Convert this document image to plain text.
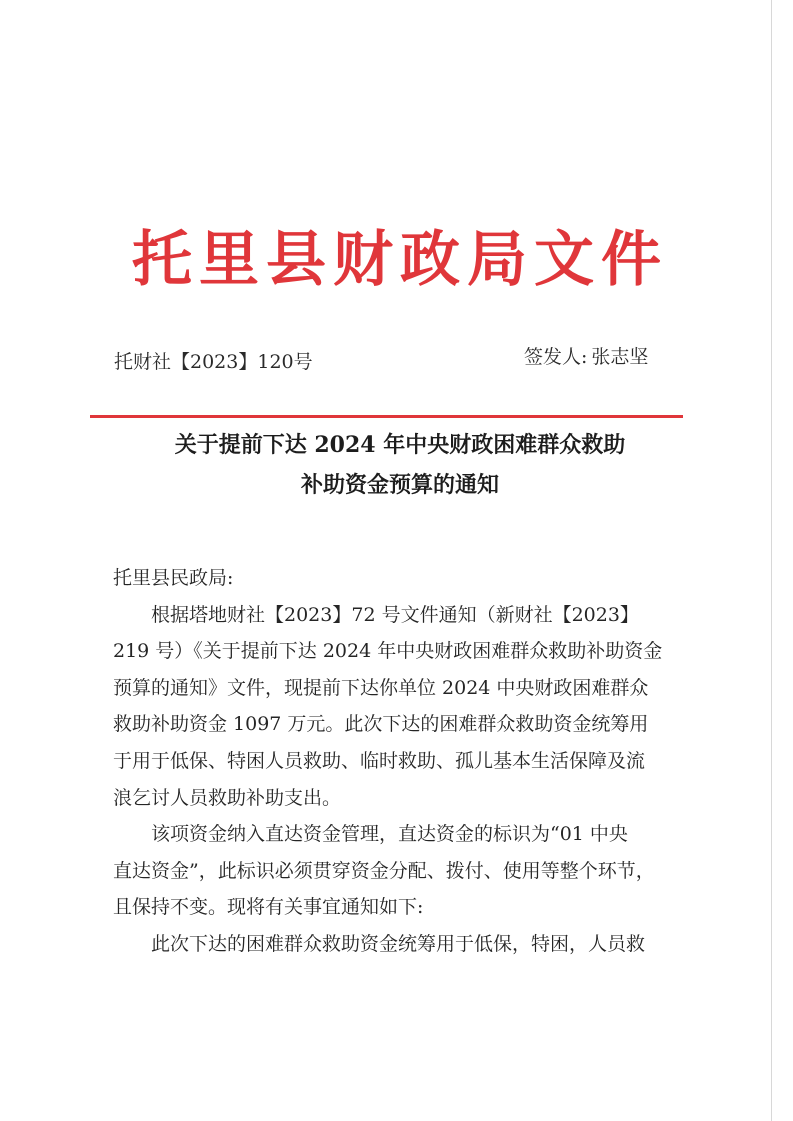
托里县财政局文件
托财社【2023】120号	签发人: 张志坚
关于提前下达 2024 年中央财政困难群众救助
补助资金预算的通知
托里县民政局:
根据塔地财社【2023】72 号文件通知（新财社【2023】
219 号）《关于提前下达 2024 年中央财政困难群众救助补助资金
预算的通知》文件，现提前下达你单位 2024 中央财政困难群众
救助补助资金 1097 万元。此次下达的困难群众救助资金统筹用
于用于低保、特困人员救助、临时救助、孤儿基本生活保障及流
浪乞讨人员救助补助支出。
该项资金纳入直达资金管理，直达资金的标识为“01 中央
直达资金”，此标识必须贯穿资金分配、拨付、使用等整个环节，
且保持不变。现将有关事宜通知如下:
此次下达的困难群众救助资金统筹用于低保，特困，人员救
